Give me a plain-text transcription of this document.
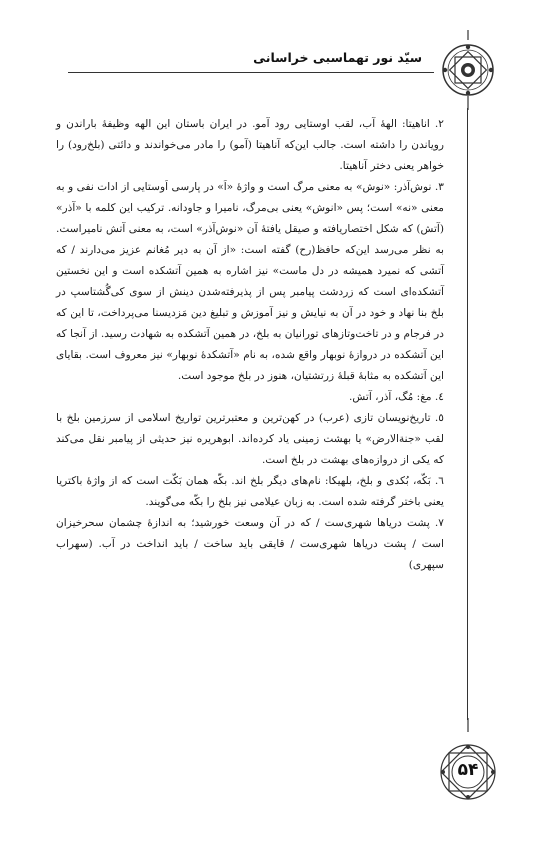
سیّد نور تهماسبی خراسانی

٢. اناهیتا: الههٔ آب، لقب اوستایی رود آمو. در ایران باستان این الهه وظیفهٔ باراندن و رویاندن را داشته است. جالب این‌که آناهیتا (آمو) را مادر می‌خواندند و دائتی (بلخ‌رود) را خواهر یعنی دختر آناهیتا.

٣. نوش‌آذر: «نوش» به معنی مرگ است و واژهٔ «اَ» در پارسی اَوستایی از ادات نفی و به معنی «نه» است؛ پس «انوش» یعنی بی‌مرگ، نامیرا و جاودانه. ترکیب این کلمه با «آذر» (آتش) که شکل اختصاریافته و صیقل یافتهٔ آن «نوش‌آذر» است، به معنی آتش نامیراست. به نظر می‌رسد این‌که حافظ(رح) گفته است: «از آن به دیر مُغانم عزیز می‌دارند / که آتشی که نمیرد همیشه در دل ماست» نیز اشاره به همین آتشکده است و این نخستین آتشکده‌ای است که زردشت پیامبر پس از پذیرفته‌شدن دینش از سوی کی‌گُشتاسپ در بلخ بنا نهاد و خود در آن به نیایش و نیز آموزش و تبلیغ دین مَزدیسنا می‌پرداخت، تا این که در فرجام و در تاخت‌وتازهای تورانیان به بلخ، در همین آتشکده به شهادت رسید. از آنجا که این آتشکده در دروازهٔ نوبهار واقع شده، به نام «آتشکدهٔ نوبهار» نیز معروف است. بقایای این آتشکده به مثابهٔ قبلهٔ زرتشتیان، هنوز در بلخ موجود است.

٤. مغ: مُگ، آذر، آتش.

٥. تاریخ‌نویسان تازی (عرب) در کهن‌ترین و معتبرترین تواریخ اسلامی از سرزمین بلخ با لقب «جنةالارض» یا بهشت زمینی یاد کرده‌اند. ابوهریره نیز حدیثی از پیامبر نقل می‌کند که یکی از دروازه‌های بهشت در بلخ است.

٦. بَکّه، بُکدی و بلخ، بلهیکا: نام‌های دیگر بلخ اند. بکّه همان بَکّت است که از واژهٔ باکتریا یعنی باختر گرفته شده است. به زبان عیلامی نیز بلخ را بکّه می‌گویند.

٧. پشت دریاها شهری‌ست / که در آن وسعت خورشید؛ به اندازهٔ چشمان سحرخیزان است / پشت دریاها شهری‌ست / قایقی باید ساخت / باید انداخت در آب. (سهراب سپهری)

۵۴
